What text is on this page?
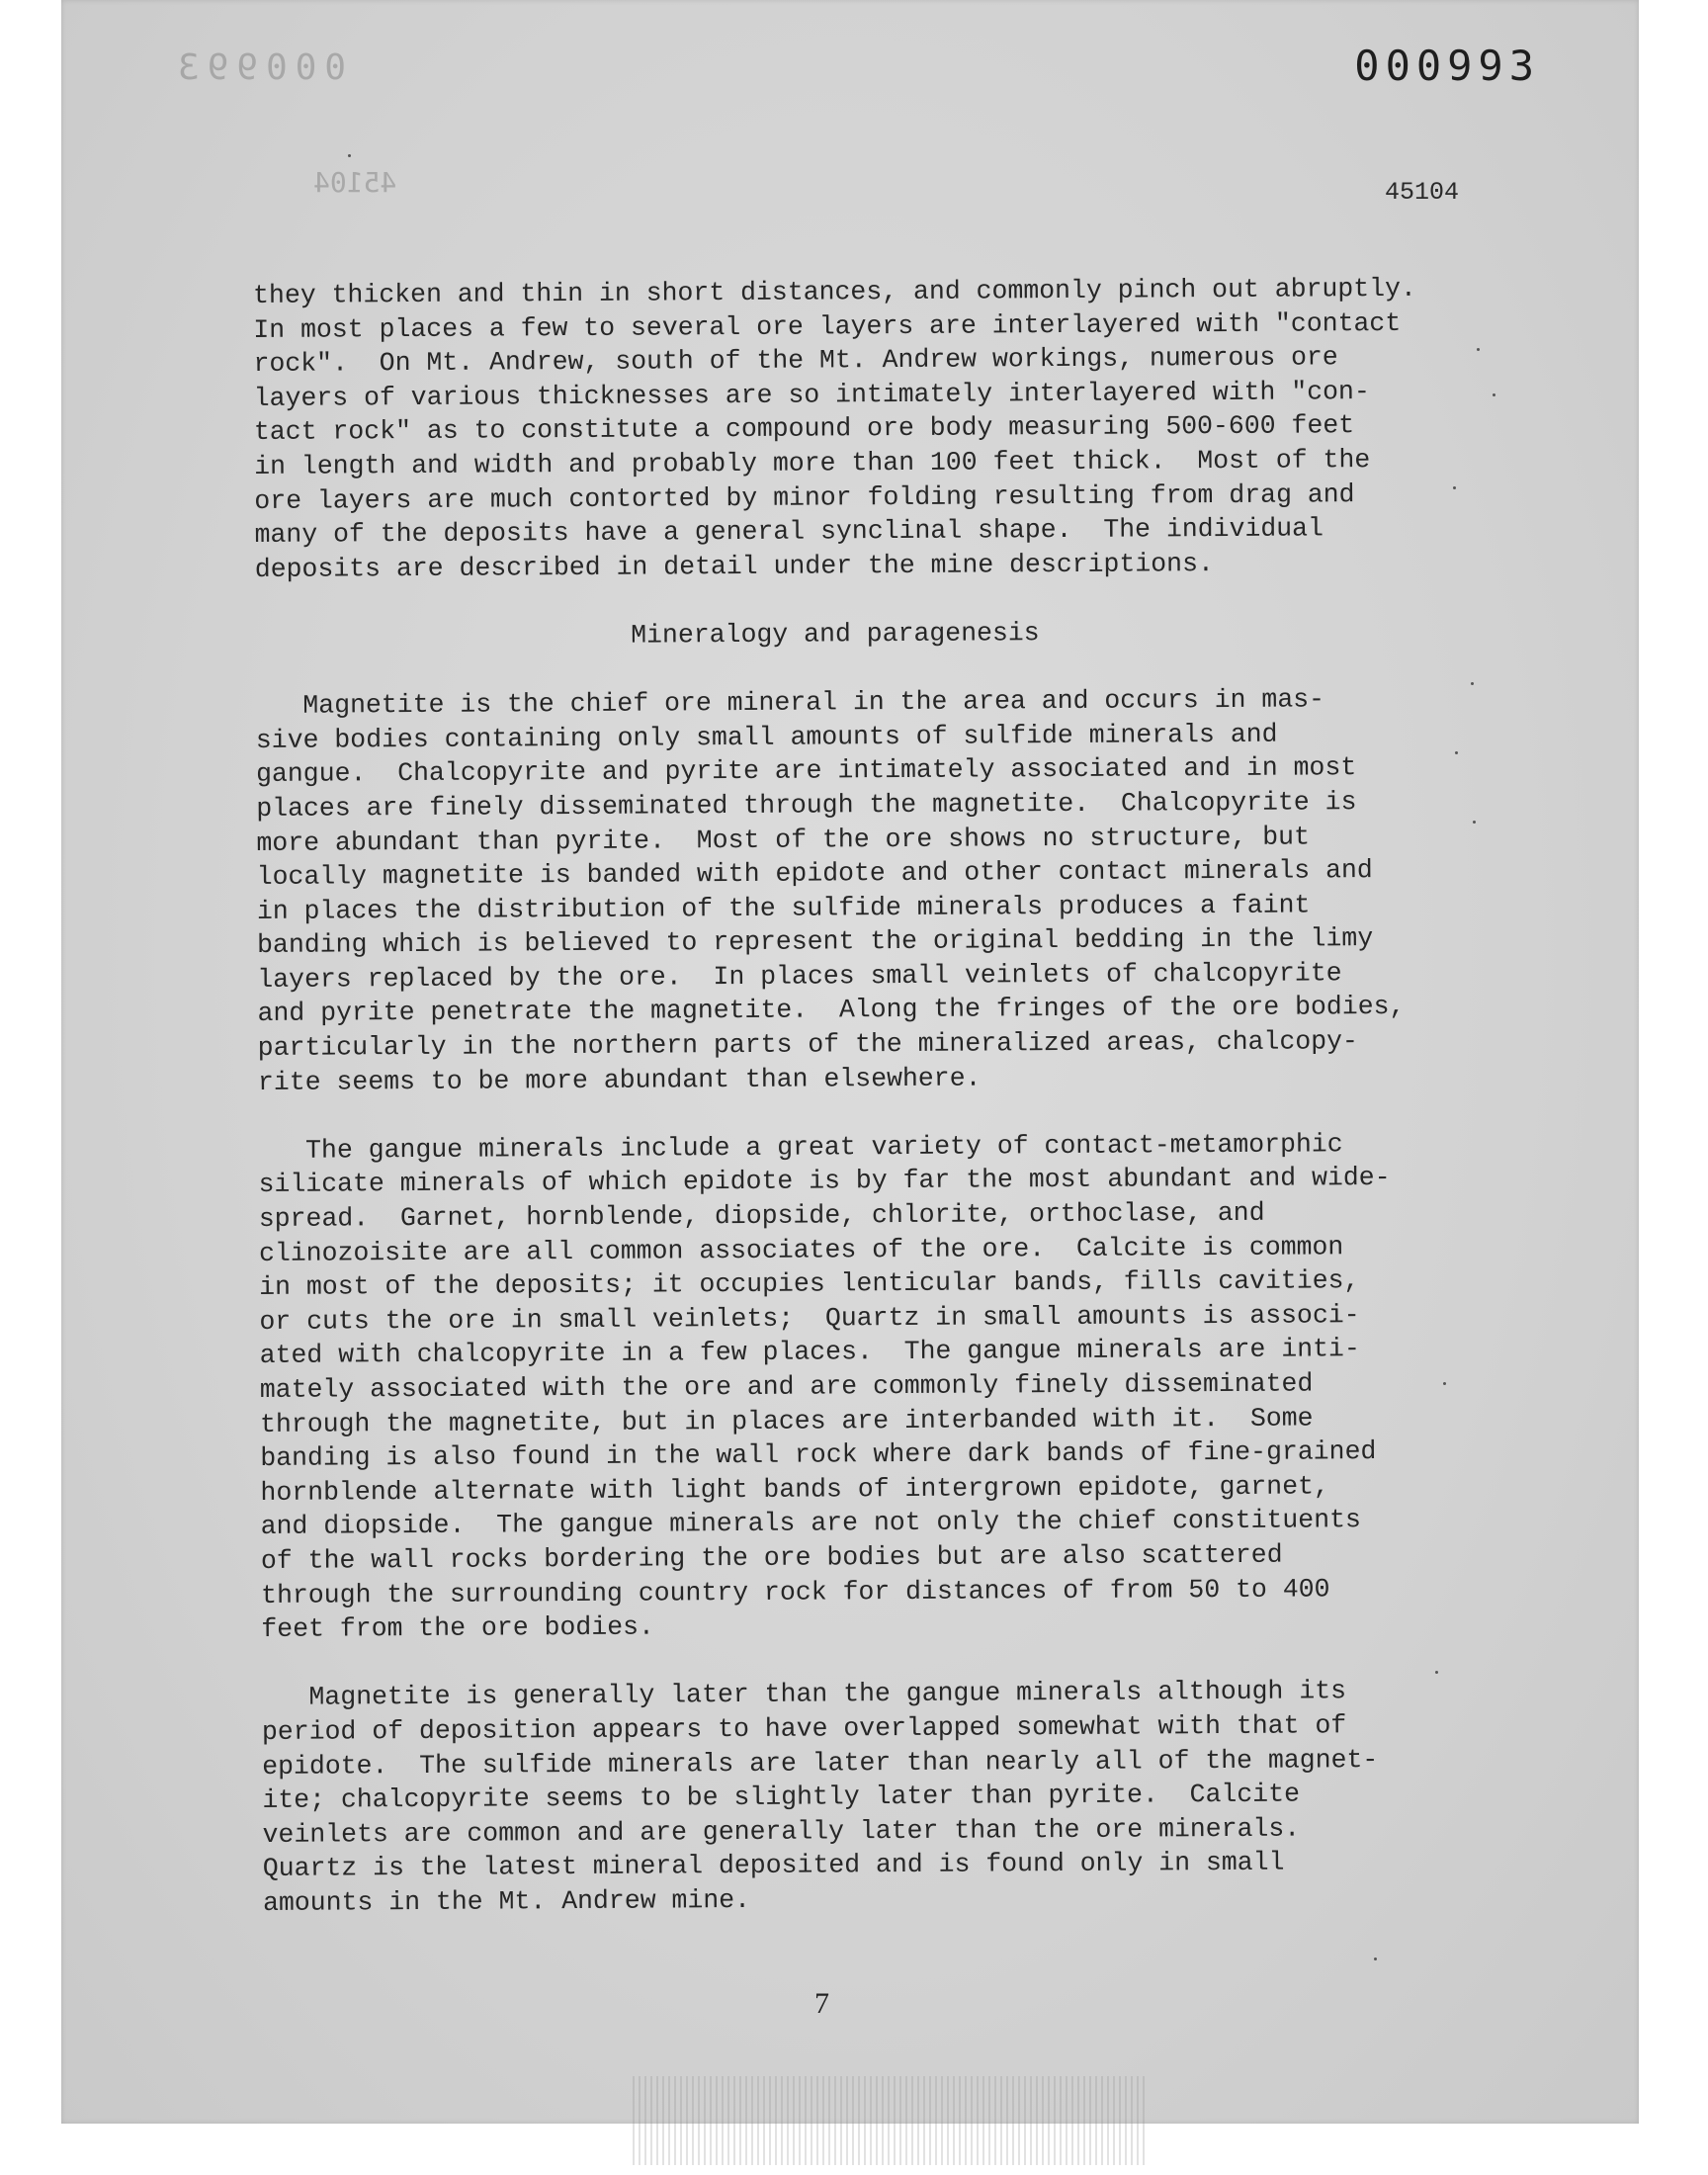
000993
45104
000993
45104
they thicken and thin in short distances, and commonly pinch out abruptly.
In most places a few to several ore layers are interlayered with "contact
rock".  On Mt. Andrew, south of the Mt. Andrew workings, numerous ore
layers of various thicknesses are so intimately interlayered with "con-
tact rock" as to constitute a compound ore body measuring 500-600 feet
in length and width and probably more than 100 feet thick.  Most of the
ore layers are much contorted by minor folding resulting from drag and
many of the deposits have a general synclinal shape.  The individual
deposits are described in detail under the mine descriptions.
Mineralogy and paragenesis
Magnetite is the chief ore mineral in the area and occurs in mas-
sive bodies containing only small amounts of sulfide minerals and
gangue.  Chalcopyrite and pyrite are intimately associated and in most
places are finely disseminated through the magnetite.  Chalcopyrite is
more abundant than pyrite.  Most of the ore shows no structure, but
locally magnetite is banded with epidote and other contact minerals and
in places the distribution of the sulfide minerals produces a faint
banding which is believed to represent the original bedding in the limy
layers replaced by the ore.  In places small veinlets of chalcopyrite
and pyrite penetrate the magnetite.  Along the fringes of the ore bodies,
particularly in the northern parts of the mineralized areas, chalcopy-
rite seems to be more abundant than elsewhere.
The gangue minerals include a great variety of contact-metamorphic
silicate minerals of which epidote is by far the most abundant and wide-
spread.  Garnet, hornblende, diopside, chlorite, orthoclase, and
clinozoisite are all common associates of the ore.  Calcite is common
in most of the deposits; it occupies lenticular bands, fills cavities,
or cuts the ore in small veinlets;  Quartz in small amounts is associ-
ated with chalcopyrite in a few places.  The gangue minerals are inti-
mately associated with the ore and are commonly finely disseminated
through the magnetite, but in places are interbanded with it.  Some
banding is also found in the wall rock where dark bands of fine-grained
hornblende alternate with light bands of intergrown epidote, garnet,
and diopside.  The gangue minerals are not only the chief constituents
of the wall rocks bordering the ore bodies but are also scattered
through the surrounding country rock for distances of from 50 to 400
feet from the ore bodies.
Magnetite is generally later than the gangue minerals although its
period of deposition appears to have overlapped somewhat with that of
epidote.  The sulfide minerals are later than nearly all of the magnet-
ite; chalcopyrite seems to be slightly later than pyrite.  Calcite
veinlets are common and are generally later than the ore minerals.
Quartz is the latest mineral deposited and is found only in small
amounts in the Mt. Andrew mine.
7
